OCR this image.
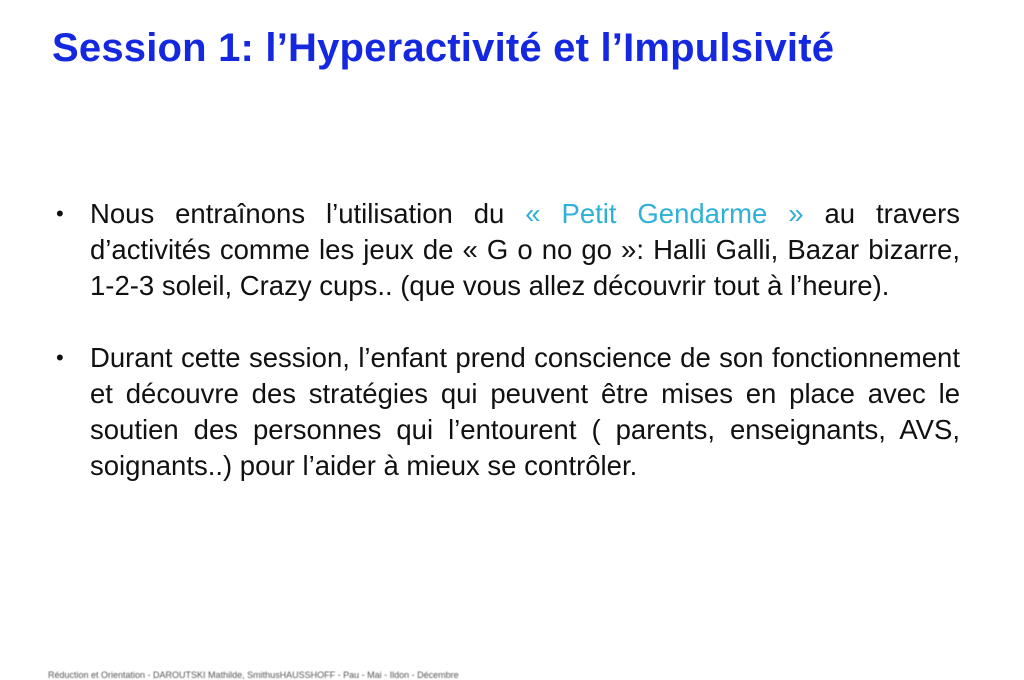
Session 1: l’Hyperactivité et l’Impulsivité
• Nous entraînons l’utilisation du « Petit Gendarme » au travers d’activités comme les jeux de « G o no go »: Halli Galli, Bazar bizarre, 1-2-3 soleil, Crazy cups.. (que vous allez découvrir tout à l’heure).
• Durant cette session, l’enfant prend conscience de son fonctionnement et découvre des stratégies qui peuvent être mises en place avec le soutien des personnes qui l’entourent ( parents, enseignants, AVS, soignants..) pour l’aider à mieux se contrôler.
Réduction et Orientation - DAROUTSKI Mathilde, SmithusHAUSSHOFF - Pau - Mai - Ildon - Décembre
